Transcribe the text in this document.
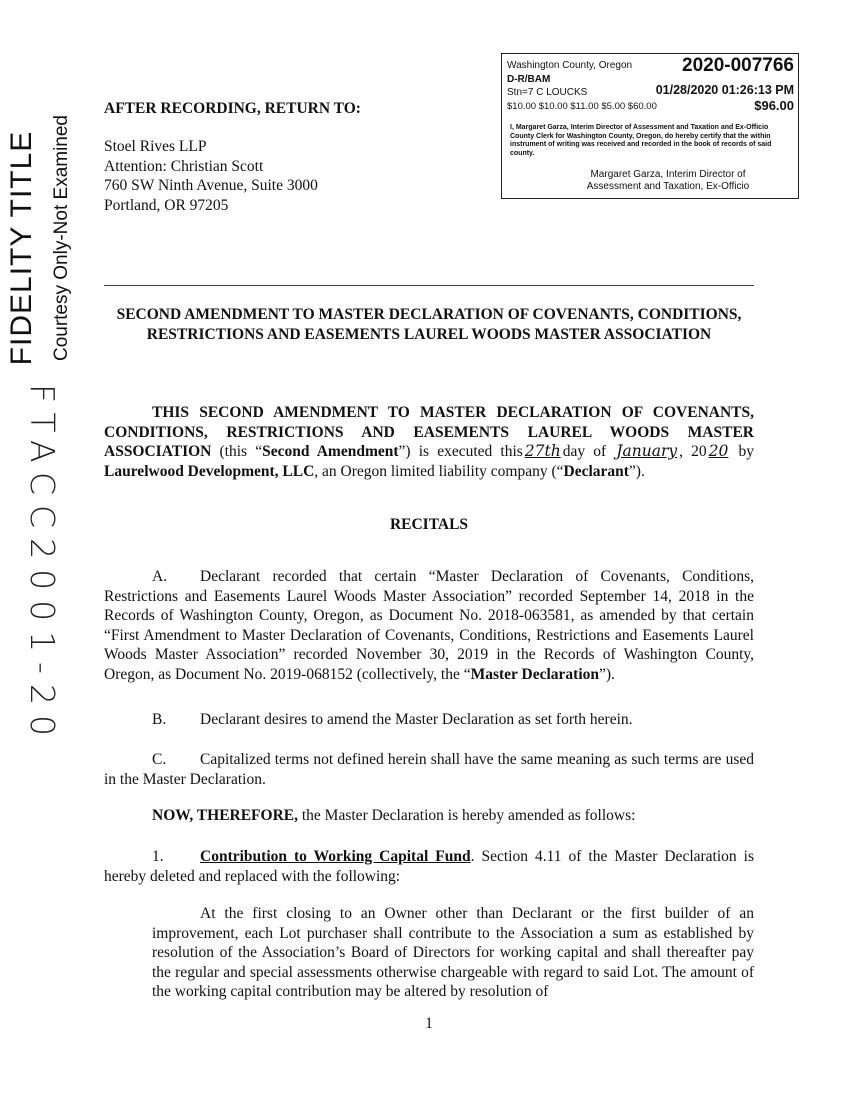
FIDELITY TITLE Courtesy Only-Not Examined
FTACC2001-20
Washington County, Oregon	2020-007766
D-R/BAM
Stn=7 C LOUCKS	01/28/2020 01:26:13 PM
$10.00 $10.00 $11.00 $5.00 $60.00	$96.00
I, Margaret Garza, Interim Director of Assessment and Taxation and Ex-Officio County Clerk for Washington County, Oregon, do hereby certify that the within instrument of writing was received and recorded in the book of records of said county.
Margaret Garza, Interim Director of
Assessment and Taxation, Ex-Officio
AFTER RECORDING, RETURN TO:
Stoel Rives LLP
Attention: Christian Scott
760 SW Ninth Avenue, Suite 3000
Portland, OR 97205
SECOND AMENDMENT TO MASTER DECLARATION OF COVENANTS, CONDITIONS, RESTRICTIONS AND EASEMENTS LAUREL WOODS MASTER ASSOCIATION
THIS SECOND AMENDMENT TO MASTER DECLARATION OF COVENANTS, CONDITIONS, RESTRICTIONS AND EASEMENTS LAUREL WOODS MASTER ASSOCIATION (this “Second Amendment”) is executed this 27th day of January , 20 20 by Laurelwood Development, LLC, an Oregon limited liability company (“Declarant”).
RECITALS
A. Declarant recorded that certain “Master Declaration of Covenants, Conditions, Restrictions and Easements Laurel Woods Master Association” recorded September 14, 2018 in the Records of Washington County, Oregon, as Document No. 2018-063581, as amended by that certain “First Amendment to Master Declaration of Covenants, Conditions, Restrictions and Easements Laurel Woods Master Association” recorded November 30, 2019 in the Records of Washington County, Oregon, as Document No. 2019-068152 (collectively, the “Master Declaration”).
B. Declarant desires to amend the Master Declaration as set forth herein.
C. Capitalized terms not defined herein shall have the same meaning as such terms are used in the Master Declaration.
NOW, THEREFORE, the Master Declaration is hereby amended as follows:
1. Contribution to Working Capital Fund. Section 4.11 of the Master Declaration is hereby deleted and replaced with the following:
At the first closing to an Owner other than Declarant or the first builder of an improvement, each Lot purchaser shall contribute to the Association a sum as established by resolution of the Association’s Board of Directors for working capital and shall thereafter pay the regular and special assessments otherwise chargeable with regard to said Lot. The amount of the working capital contribution may be altered by resolution of
1
